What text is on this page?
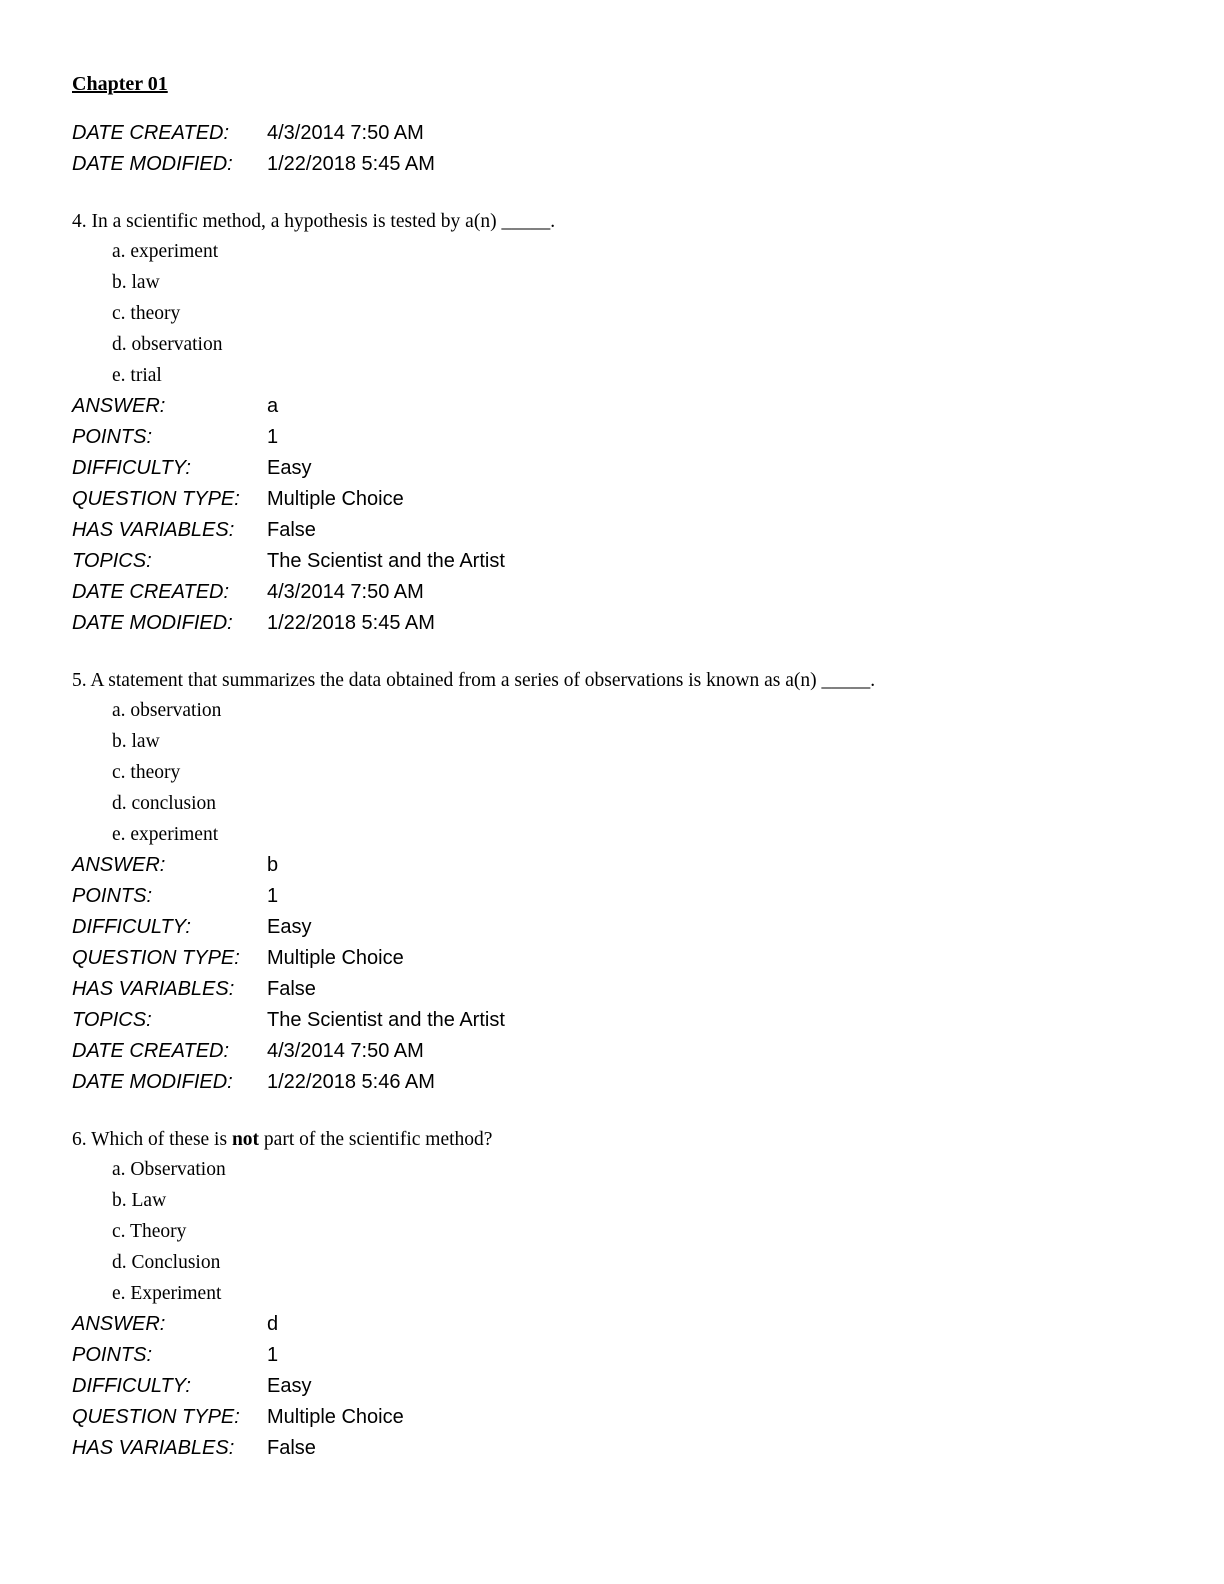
Chapter 01
DATE CREATED:	4/3/2014 7:50 AM
DATE MODIFIED:	1/22/2018 5:45 AM
4. In a scientific method, a hypothesis is tested by a(n) _____.
a. experiment
b. law
c. theory
d. observation
e. trial
ANSWER:	a
POINTS:	1
DIFFICULTY:	Easy
QUESTION TYPE:	Multiple Choice
HAS VARIABLES:	False
TOPICS:	The Scientist and the Artist
DATE CREATED:	4/3/2014 7:50 AM
DATE MODIFIED:	1/22/2018 5:45 AM
5. A statement that summarizes the data obtained from a series of observations is known as a(n) _____.
a. observation
b. law
c. theory
d. conclusion
e. experiment
ANSWER:	b
POINTS:	1
DIFFICULTY:	Easy
QUESTION TYPE:	Multiple Choice
HAS VARIABLES:	False
TOPICS:	The Scientist and the Artist
DATE CREATED:	4/3/2014 7:50 AM
DATE MODIFIED:	1/22/2018 5:46 AM
6. Which of these is not part of the scientific method?
a. Observation
b. Law
c. Theory
d. Conclusion
e. Experiment
ANSWER:	d
POINTS:	1
DIFFICULTY:	Easy
QUESTION TYPE:	Multiple Choice
HAS VARIABLES:	False
